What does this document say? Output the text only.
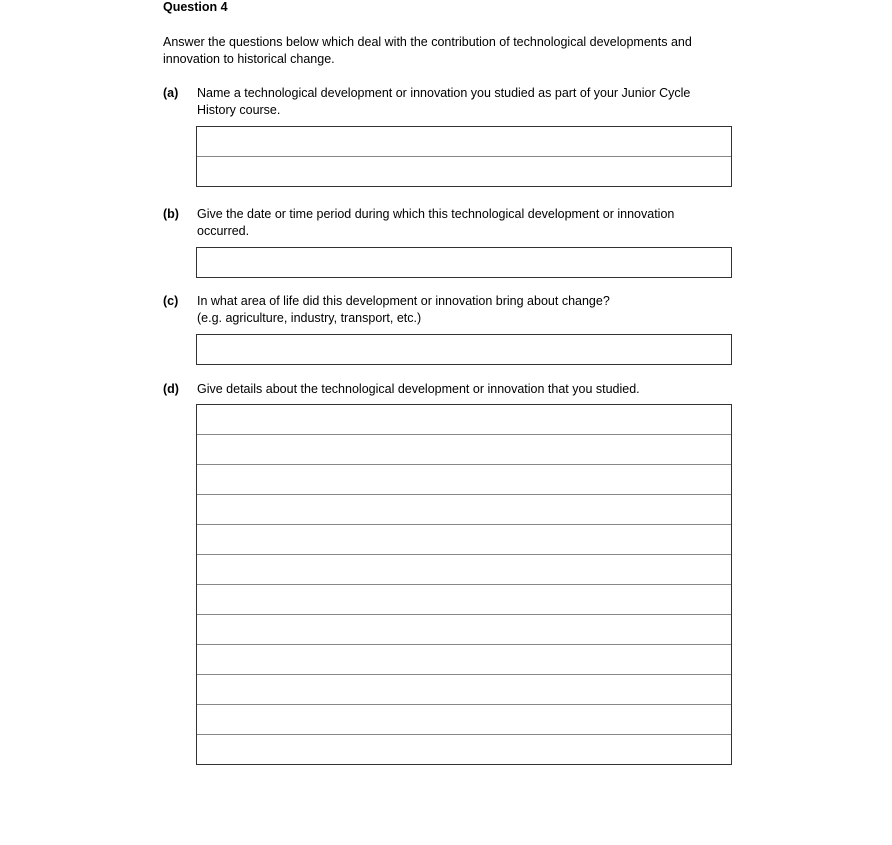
Question 4
Answer the questions below which deal with the contribution of technological developments and innovation to historical change.
(a) Name a technological development or innovation you studied as part of your Junior Cycle
History course.
(b) Give the date or time period during which this technological development or innovation
occurred.
(c) In what area of life did this development or innovation bring about change?
(e.g. agriculture, industry, transport, etc.)
(d) Give details about the technological development or innovation that you studied.
